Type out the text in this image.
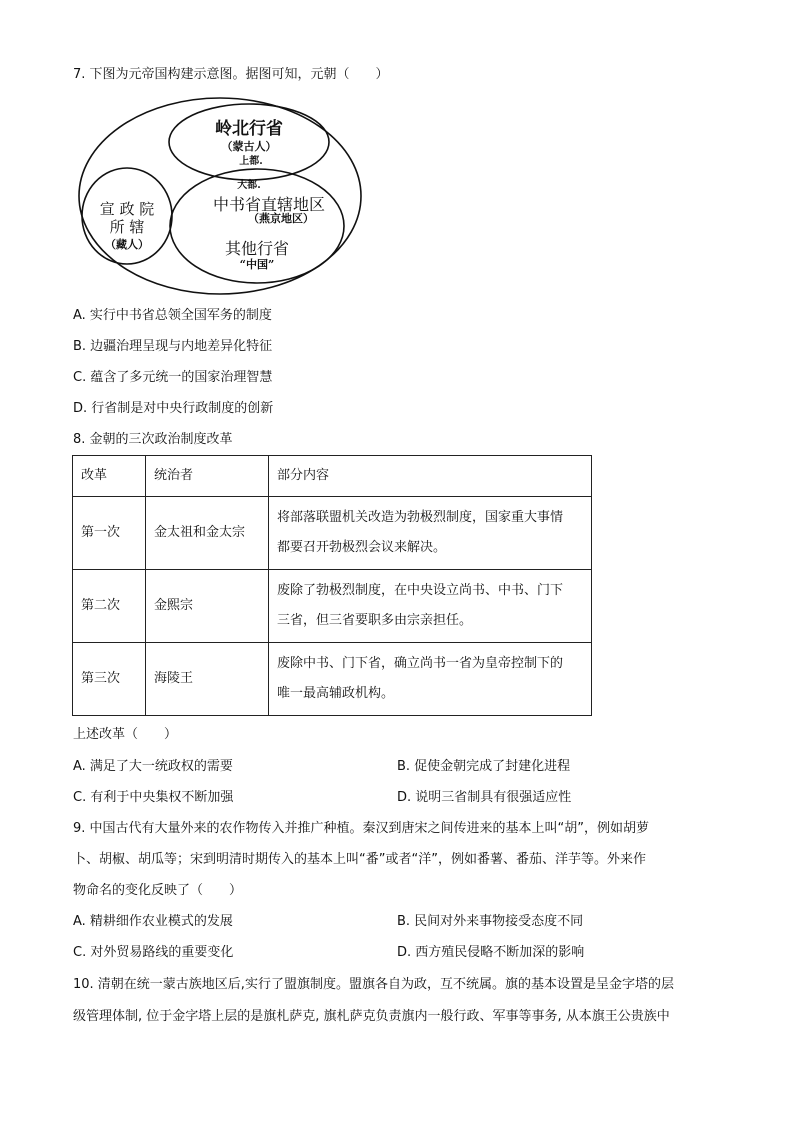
7. 下图为元帝国构建示意图。据图可知，元朝（　　）
岭北行省
（蒙古人）
上都.
宣 政 院
所 辖
（藏人）
大都.
中书省直辖地区
（燕京地区）
其他行省
“中国”
A. 实行中书省总领全国军务的制度
B. 边疆治理呈现与内地差异化特征
C. 蕴含了多元统一的国家治理智慧
D. 行省制是对中央行政制度的创新
8. 金朝的三次政治制度改革
改革	统治者	部分内容
第一次	金太祖和金太宗	将部落联盟机关改造为勃极烈制度，国家重大事情
都要召开勃极烈会议来解决。

第二次	金熙宗	废除了勃极烈制度，在中央设立尚书、中书、门下
三省，但三省要职多由宗亲担任。

第三次	海陵王	废除中书、门下省，确立尚书一省为皇帝控制下的
唯一最高辅政机构。
上述改革（　　）
A. 满足了大一统政权的需要	B. 促使金朝完成了封建化进程
C. 有利于中央集权不断加强	D. 说明三省制具有很强适应性
9. 中国古代有大量外来的农作物传入并推广种植。秦汉到唐宋之间传进来的基本上叫“胡”，例如胡萝
卜、胡椒、胡瓜等；宋到明清时期传入的基本上叫“番”或者“洋”，例如番薯、番茄、洋芋等。外来作
物命名的变化反映了（　　）
A. 精耕细作农业模式的发展	B. 民间对外来事物接受态度不同
C. 对外贸易路线的重要变化	D. 西方殖民侵略不断加深的影响
10. 清朝在统一蒙古族地区后,实行了盟旗制度。盟旗各自为政，互不统属。旗的基本设置是呈金字塔的层
级管理体制, 位于金字塔上层的是旗札萨克, 旗札萨克负责旗内一般行政、军事等事务, 从本旗王公贵族中
